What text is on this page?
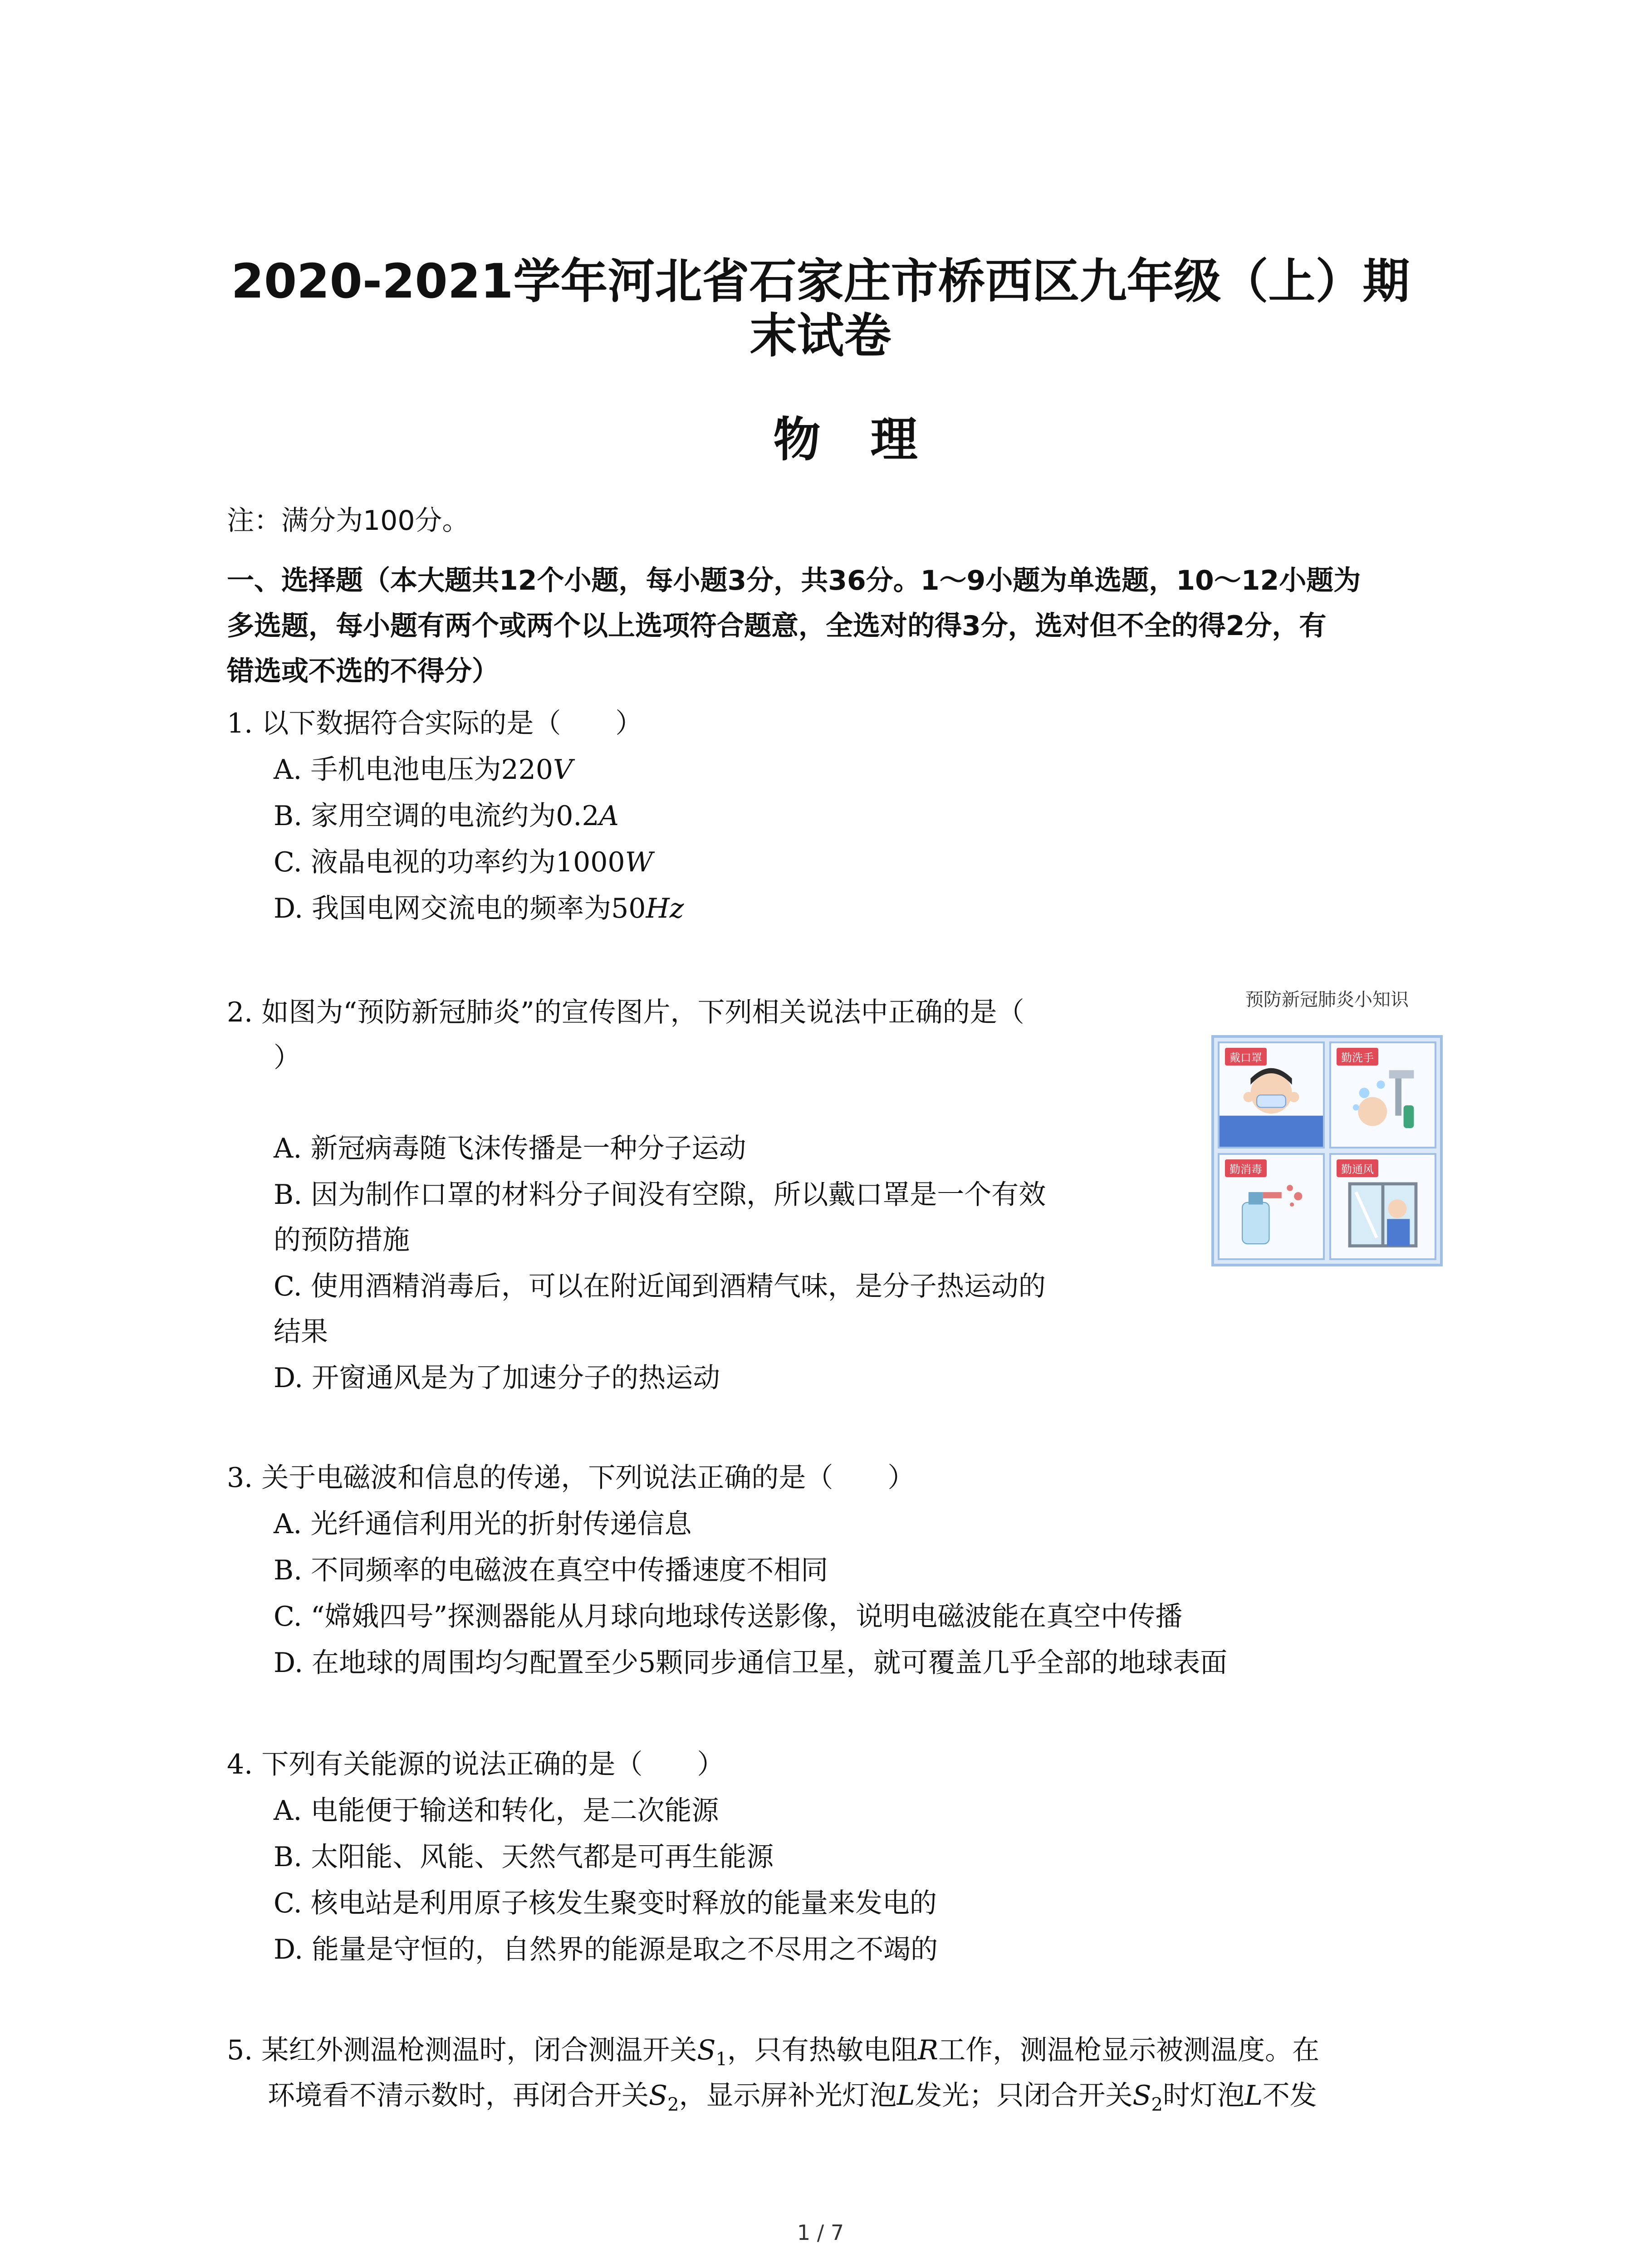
2020-2021学年河北省石家庄市桥西区九年级（上）期
末试卷
物理
注：满分为100分。
一、选择题（本大题共12个小题，每小题3分，共36分。1～9小题为单选题，10～12小题为
多选题，每小题有两个或两个以上选项符合题意，全选对的得3分，选对但不全的得2分，有
错选或不选的不得分）
1. 以下数据符合实际的是（　　）
A. 手机电池电压为220V
B. 家用空调的电流约为0.2A
C. 液晶电视的功率约为1000W
D. 我国电网交流电的频率为50Hz
2. 如图为“预防新冠肺炎”的宣传图片，下列相关说法中正确的是（
）
A. 新冠病毒随飞沫传播是一种分子运动
B. 因为制作口罩的材料分子间没有空隙，所以戴口罩是一个有效
的预防措施
C. 使用酒精消毒后，可以在附近闻到酒精气味，是分子热运动的
结果
D. 开窗通风是为了加速分子的热运动
预防新冠肺炎小知识
戴口罩	勤洗手
勤消毒	勤通风
3. 关于电磁波和信息的传递，下列说法正确的是（　　）
A. 光纤通信利用光的折射传递信息
B. 不同频率的电磁波在真空中传播速度不相同
C. “嫦娥四号”探测器能从月球向地球传送影像，说明电磁波能在真空中传播
D. 在地球的周围均匀配置至少5颗同步通信卫星，就可覆盖几乎全部的地球表面
4. 下列有关能源的说法正确的是（　　）
A. 电能便于输送和转化，是二次能源
B. 太阳能、风能、天然气都是可再生能源
C. 核电站是利用原子核发生聚变时释放的能量来发电的
D. 能量是守恒的，自然界的能源是取之不尽用之不竭的
5. 某红外测温枪测温时，闭合测温开关$S_1$，只有热敏电阻R工作，测温枪显示被测温度。在
环境看不清示数时，再闭合开关$S_2$，显示屏补光灯泡L发光；只闭合开关$S_2$时灯泡L不发
1 / 7
